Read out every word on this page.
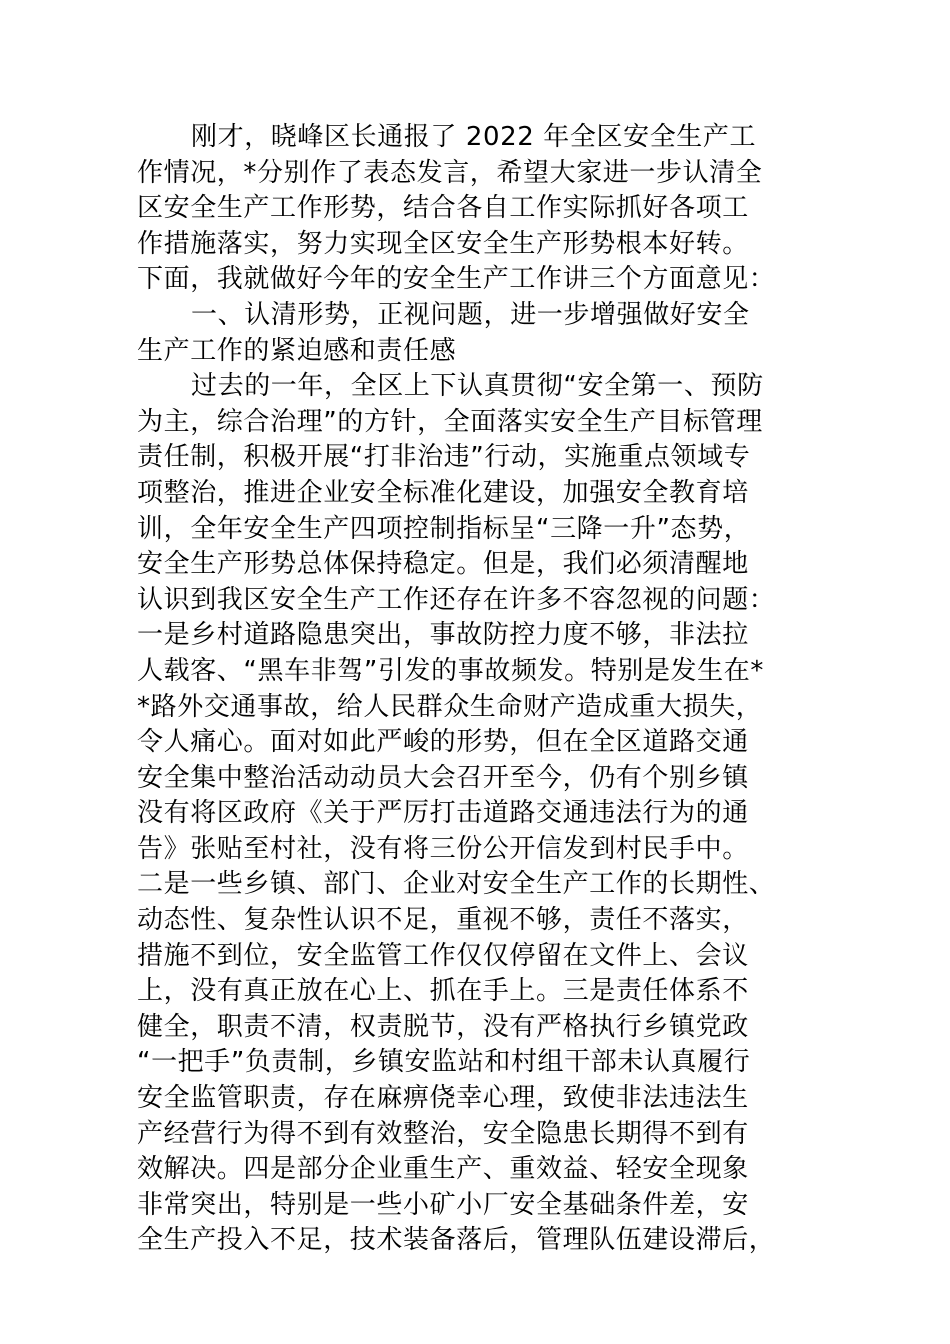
刚才，晓峰区长通报了 2022 年全区安全生产工
作情况，*分别作了表态发言，希望大家进一步认清全
区安全生产工作形势，结合各自工作实际抓好各项工
作措施落实，努力实现全区安全生产形势根本好转。
下面，我就做好今年的安全生产工作讲三个方面意见：
一、认清形势，正视问题，进一步增强做好安全
生产工作的紧迫感和责任感
过去的一年，全区上下认真贯彻“安全第一、预防
为主，综合治理”的方针，全面落实安全生产目标管理
责任制，积极开展“打非治违”行动，实施重点领域专
项整治，推进企业安全标准化建设，加强安全教育培
训，全年安全生产四项控制指标呈“三降一升”态势，
安全生产形势总体保持稳定。但是，我们必须清醒地
认识到我区安全生产工作还存在许多不容忽视的问题：
一是乡村道路隐患突出，事故防控力度不够，非法拉
人载客、“黑车非驾”引发的事故频发。特别是发生在*
*路外交通事故，给人民群众生命财产造成重大损失，
令人痛心。面对如此严峻的形势，但在全区道路交通
安全集中整治活动动员大会召开至今，仍有个别乡镇
没有将区政府《关于严厉打击道路交通违法行为的通
告》张贴至村社，没有将三份公开信发到村民手中。
二是一些乡镇、部门、企业对安全生产工作的长期性、
动态性、复杂性认识不足，重视不够，责任不落实，
措施不到位，安全监管工作仅仅停留在文件上、会议
上，没有真正放在心上、抓在手上。三是责任体系不
健全，职责不清，权责脱节，没有严格执行乡镇党政
“一把手”负责制，乡镇安监站和村组干部未认真履行
安全监管职责，存在麻痹侥幸心理，致使非法违法生
产经营行为得不到有效整治，安全隐患长期得不到有
效解决。四是部分企业重生产、重效益、轻安全现象
非常突出，特别是一些小矿小厂安全基础条件差，安
全生产投入不足，技术装备落后，管理队伍建设滞后，
